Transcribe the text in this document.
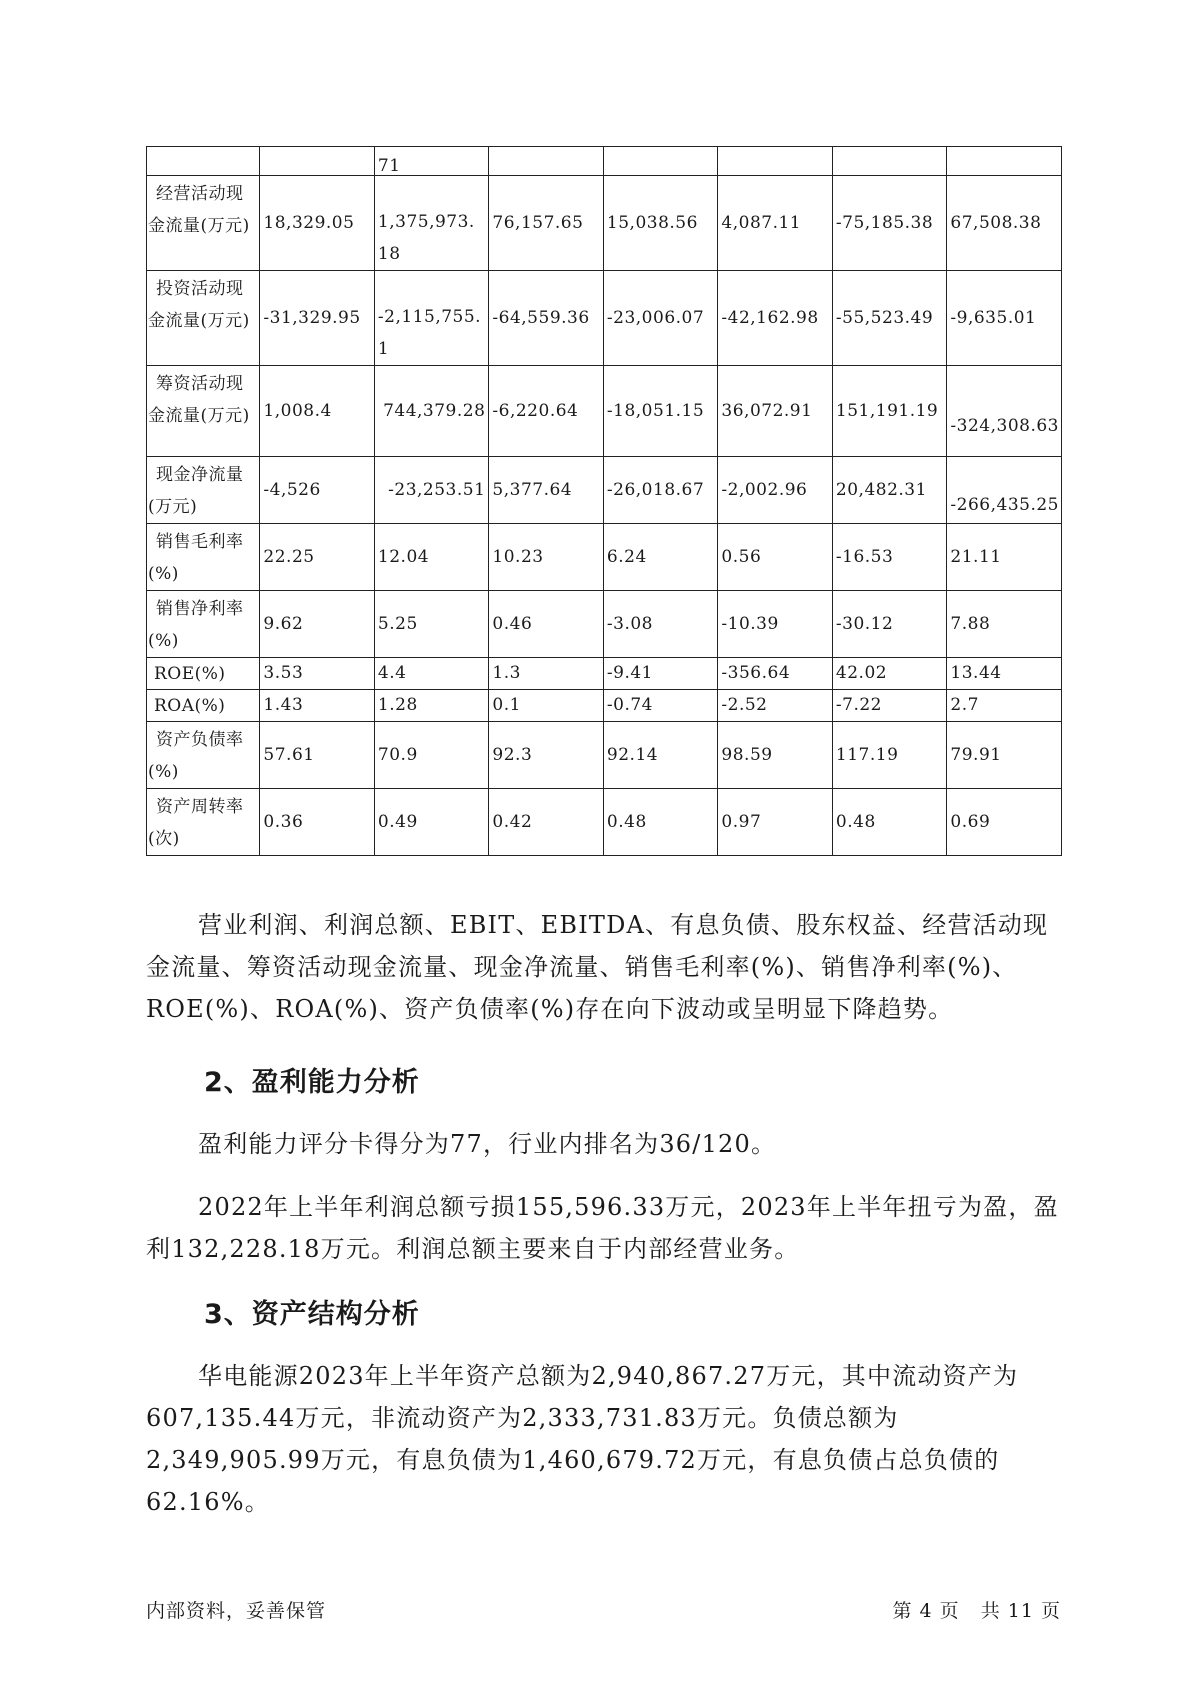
		71					
经营活动现金流量(万元)	18,329.05	1,375,973.18	76,157.65	15,038.56	4,087.11	-75,185.38	67,508.38
投资活动现金流量(万元)	-31,329.95	-2,115,755.1	-64,559.36	-23,006.07	-42,162.98	-55,523.49	-9,635.01
筹资活动现金流量(万元)	1,008.4	744,379.28	-6,220.64	-18,051.15	36,072.91	151,191.19	-324,308.63
现金净流量(万元)	-4,526	-23,253.51	5,377.64	-26,018.67	-2,002.96	20,482.31	-266,435.25
销售毛利率(%)	22.25	12.04	10.23	6.24	0.56	-16.53	21.11
销售净利率(%)	9.62	5.25	0.46	-3.08	-10.39	-30.12	7.88
ROE(%)	3.53	4.4	1.3	-9.41	-356.64	42.02	13.44
ROA(%)	1.43	1.28	0.1	-0.74	-2.52	-7.22	2.7
资产负债率(%)	57.61	70.9	92.3	92.14	98.59	117.19	79.91
资产周转率(次)	0.36	0.49	0.42	0.48	0.97	0.48	0.69

营业利润、利润总额、EBIT、EBITDA、有息负债、股东权益、经营活动现金流量、筹资活动现金流量、现金净流量、销售毛利率(%)、销售净利率(%)、ROE(%)、ROA(%)、资产负债率(%)存在向下波动或呈明显下降趋势。

2、盈利能力分析

盈利能力评分卡得分为77，行业内排名为36/120。

2022年上半年利润总额亏损155,596.33万元，2023年上半年扭亏为盈，盈利132,228.18万元。利润总额主要来自于内部经营业务。

3、资产结构分析

华电能源2023年上半年资产总额为2,940,867.27万元，其中流动资产为607,135.44万元，非流动资产为2,333,731.83万元。负债总额为2,349,905.99万元，有息负债为1,460,679.72万元，有息负债占总负债的62.16%。

内部资料，妥善保管	第 4 页   共 11 页
